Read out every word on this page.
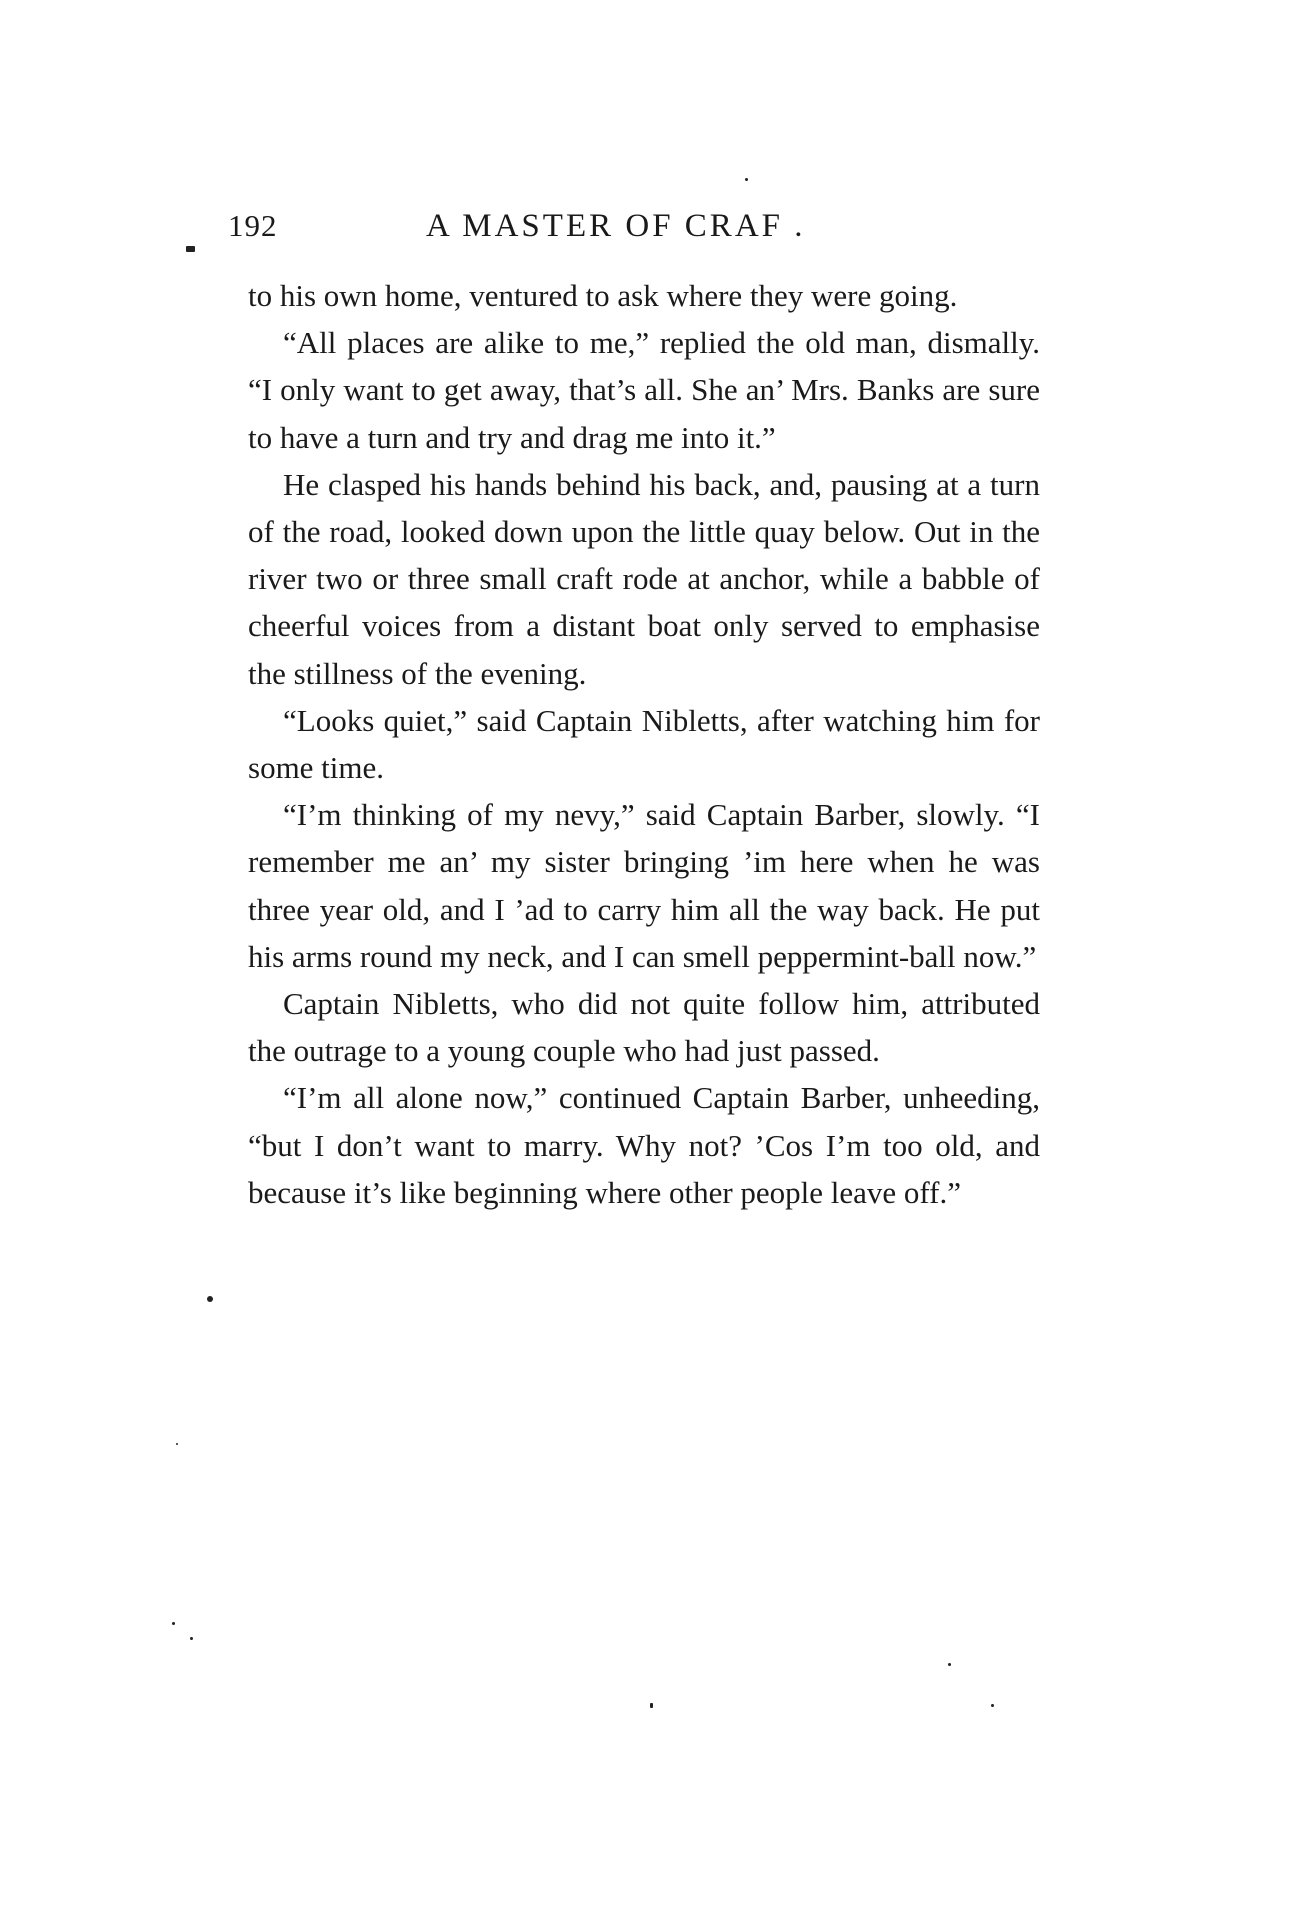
192	A MASTER OF CRAF .

to his own home, ventured to ask where they were going.

“All places are alike to me,” replied the old man, dismally. “I only want to get away, that’s all. She an’ Mrs. Banks are sure to have a turn and try and drag me into it.”

He clasped his hands behind his back, and, pausing at a turn of the road, looked down upon the little quay below. Out in the river two or three small craft rode at anchor, while a babble of cheerful voices from a distant boat only served to emphasise the stillness of the evening.

“Looks quiet,” said Captain Nibletts, after watching him for some time.

“I’m thinking of my nevy,” said Captain Barber, slowly. “I remember me an’ my sister bringing ’im here when he was three year old, and I ’ad to carry him all the way back. He put his arms round my neck, and I can smell peppermint-ball now.”

Captain Nibletts, who did not quite follow him, attributed the outrage to a young couple who had just passed.

“I’m all alone now,” continued Captain Barber, unheeding, “but I don’t want to marry. Why not? ’Cos I’m too old, and because it’s like beginning where other people leave off.”
